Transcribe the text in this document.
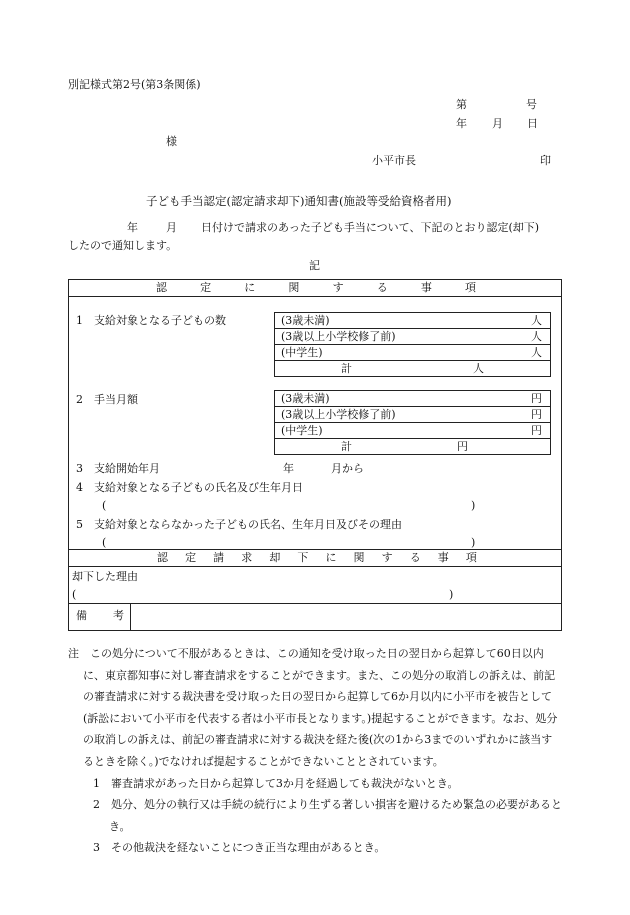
別記様式第2号(第3条関係)
第	号
年 月 日
様
小平市長	印
子ども手当認定(認定請求却下)通知書(施設等受給資格者用)
年	月 日付けで請求のあった子ども手当について、下記のとおり認定(却下)
したので通知します。
記
認	定	に	関	す	る	事	項
1 支給対象となる子どもの数	(3歳未満)	人
(3歳以上小学校修了前)	人
(中学生)	人
計	人
2 手当月額	(3歳未満)	円
(3歳以上小学校修了前)	円
(中学生)	円
計	円
3 支給開始年月	年	月から
4 支給対象となる子どもの氏名及び生年月日
(	)
5 支給対象とならなかった子どもの氏名、生年月日及びその理由
(	)
認 定 請 求 却 下 に 関 す る 事 項
却下した理由
(	)
備 考

注　この処分について不服があるときは、この通知を受け取った日の翌日から起算して60日以内に、東京都知事に対し審査請求をすることができます。また、この処分の取消しの訴えは、前記の審査請求に対する裁決書を受け取った日の翌日から起算して6か月以内に小平市を被告として(訴訟において小平市を代表する者は小平市長となります。)提起することができます。なお、処分の取消しの訴えは、前記の審査請求に対する裁決を経た後(次の1から3までのいずれかに該当するときを除く。)でなければ提起することができないこととされています。

1　審査請求があった日から起算して3か月を経過しても裁決がないとき。

2　処分、処分の執行又は手続の続行により生ずる著しい損害を避けるため緊急の必要があるとき。

3　その他裁決を経ないことにつき正当な理由があるとき。
